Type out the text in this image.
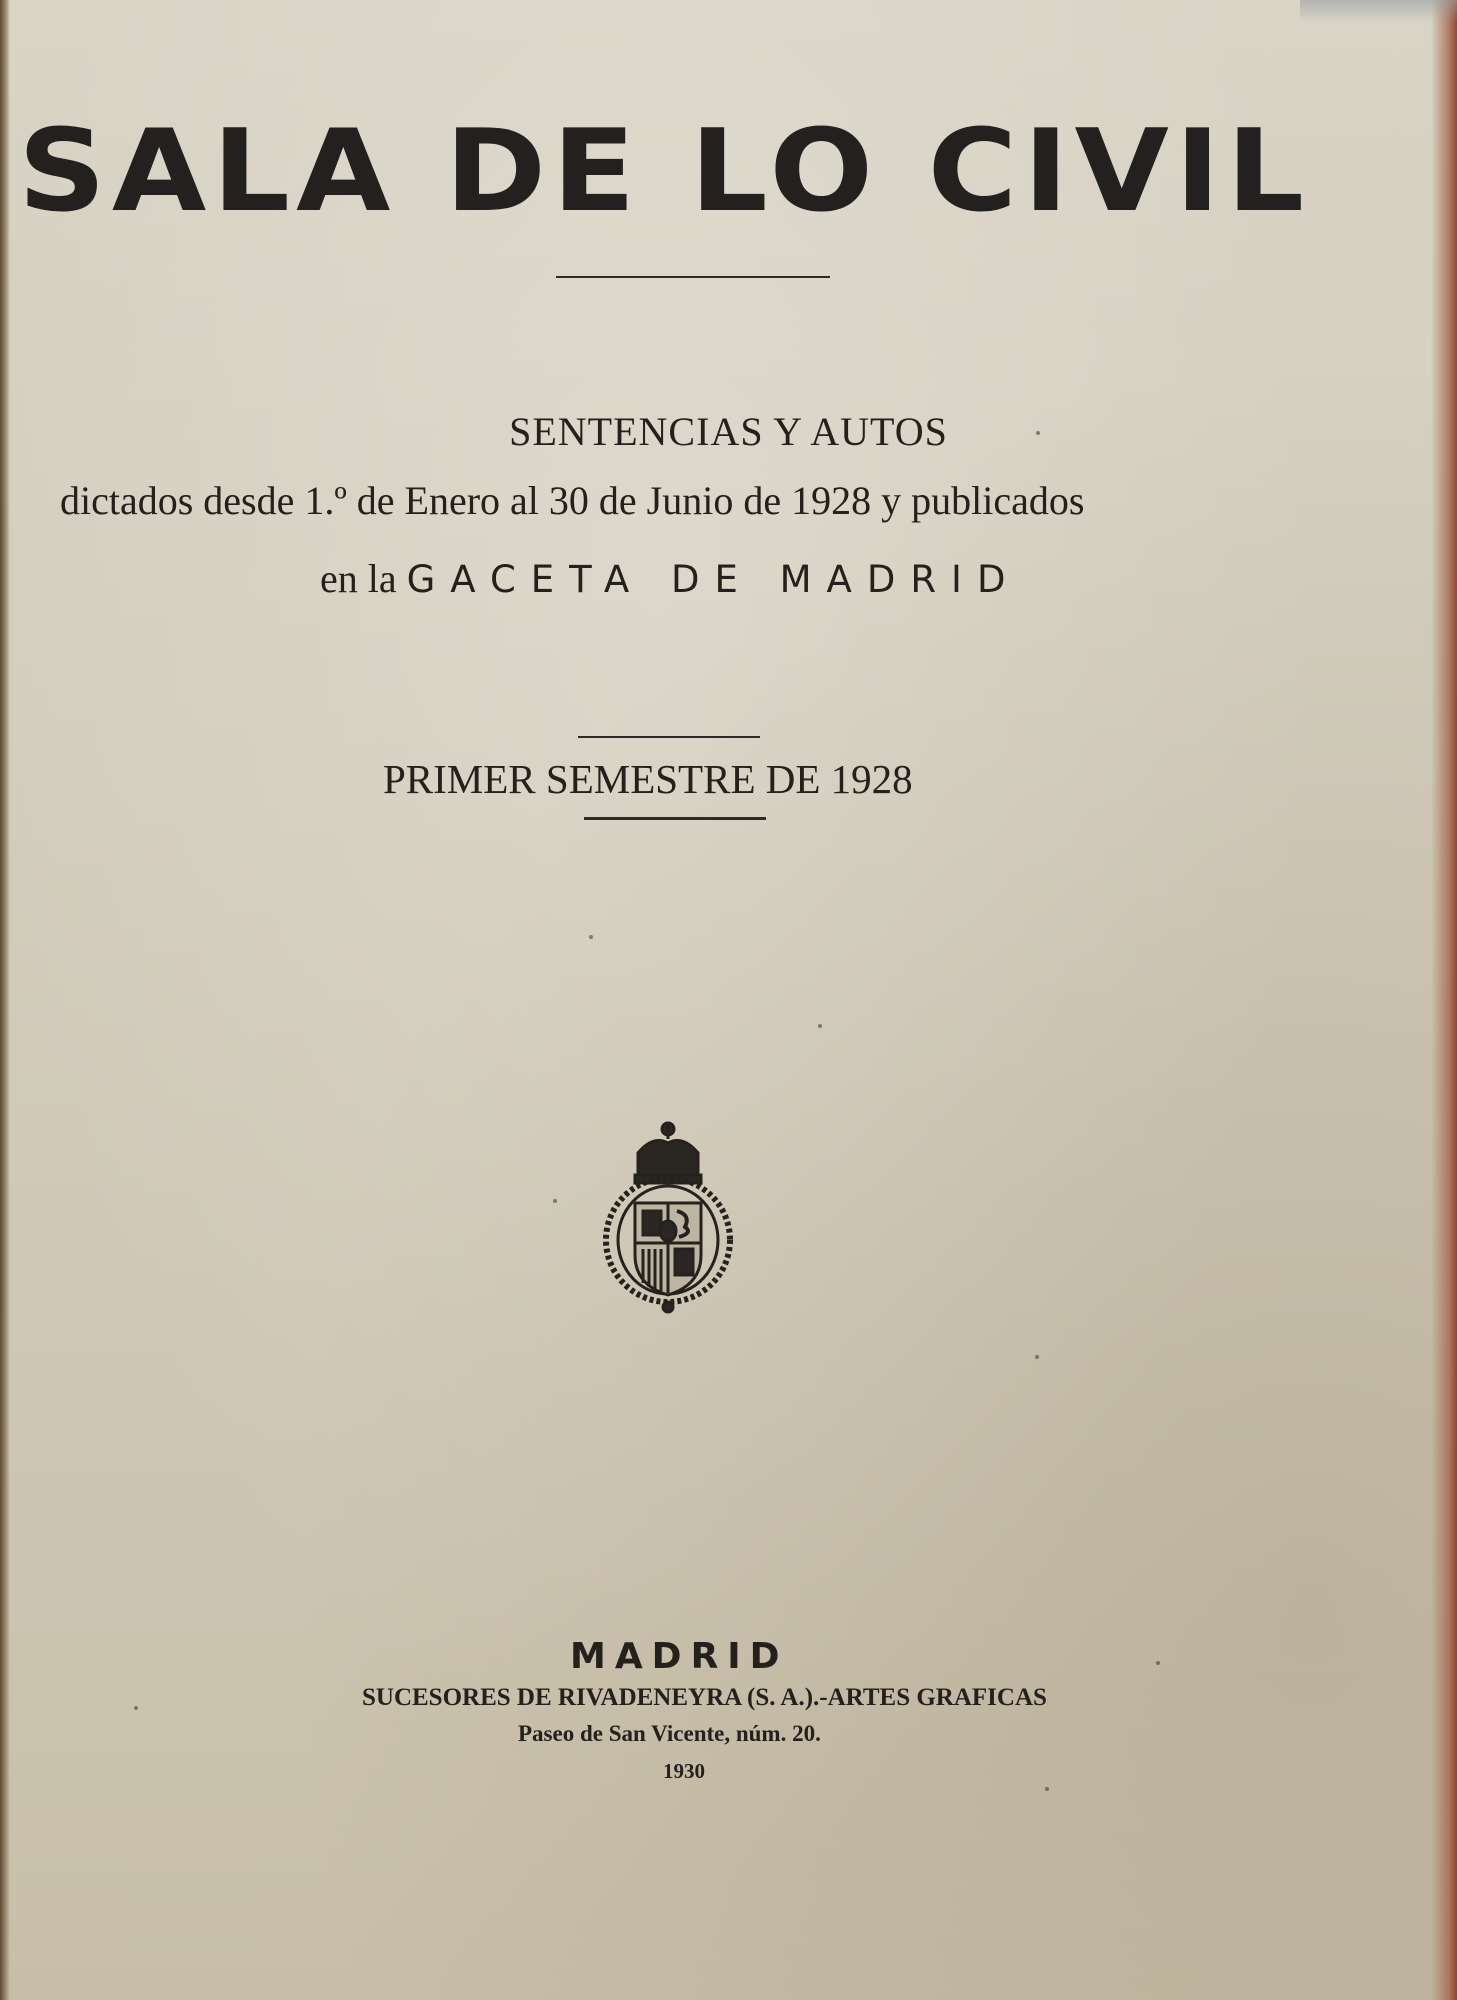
SALA DE LO CIVIL
SENTENCIAS Y AUTOS
dictados desde 1.º de Enero al 30 de Junio de 1928 y publicados
en la GACETA DE MADRID
PRIMER SEMESTRE DE 1928
MADRID
SUCESORES DE RIVADENEYRA (S. A.).-ARTES GRAFICAS
Paseo de San Vicente, núm. 20.
1930
